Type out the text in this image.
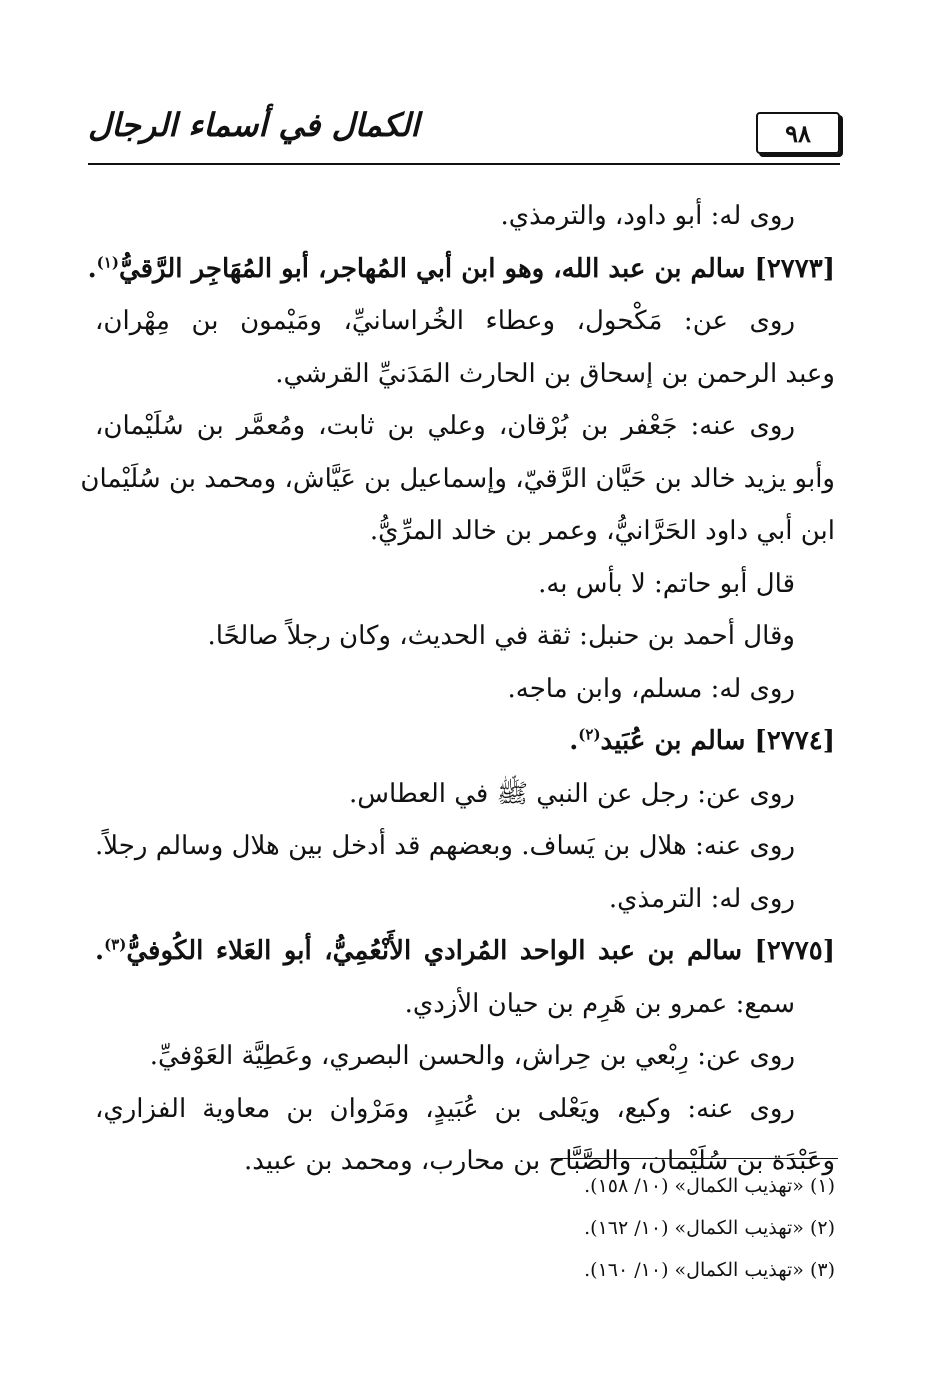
الكمال في أسماء الرجال	٩٨
روى له: أبو داود، والترمذي.
[٢٧٧٣] سالم بن عبد الله، وهو ابن أبي المُهاجر، أبو المُهَاجِر الرَّقيُّ$^{(١)}$.
روى عن: مَكْحول، وعطاء الخُراسانيِّ، ومَيْمون بن مِهْران،
وعبد الرحمن بن إسحاق بن الحارث المَدَنيِّ القرشي.
روى عنه: جَعْفر بن بُرْقان، وعلي بن ثابت، ومُعمَّر بن سُلَيْمان،
وأبو يزيد خالد بن حَيَّان الرَّقيّ، وإسماعيل بن عَيَّاش، ومحمد بن سُلَيْمان
ابن أبي داود الحَرَّانيُّ، وعمر بن خالد المرِّيُّ.
قال أبو حاتم: لا بأس به.
وقال أحمد بن حنبل: ثقة في الحديث، وكان رجلاً صالحًا.
روى له: مسلم، وابن ماجه.
[٢٧٧٤] سالم بن عُبَيد$^{(٢)}$.
روى عن: رجل عن النبي ﷺ في العطاس.
روى عنه: هلال بن يَساف. وبعضهم قد أدخل بين هلال وسالم رجلاً.
روى له: الترمذي.
[٢٧٧٥] سالم بن عبد الواحد المُرادي الأَنْعُمِيُّ، أبو العَلاء الكُوفيُّ$^{(٣)}$.
سمع: عمرو بن هَرِم بن حيان الأزدي.
روى عن: رِبْعي بن حِراش، والحسن البصري، وعَطِيَّة العَوْفيِّ.
روى عنه: وكيع، ويَعْلى بن عُبَيدٍ، ومَرْوان بن معاوية الفزاري،
وعَبْدَة بن سُلَيْمان، والصَّبَّاح بن محارب، ومحمد بن عبيد.
(١) «تهذيب الكمال» (١٠/ ١٥٨).
(٢) «تهذيب الكمال» (١٠/ ١٦٢).
(٣) «تهذيب الكمال» (١٠/ ١٦٠).
